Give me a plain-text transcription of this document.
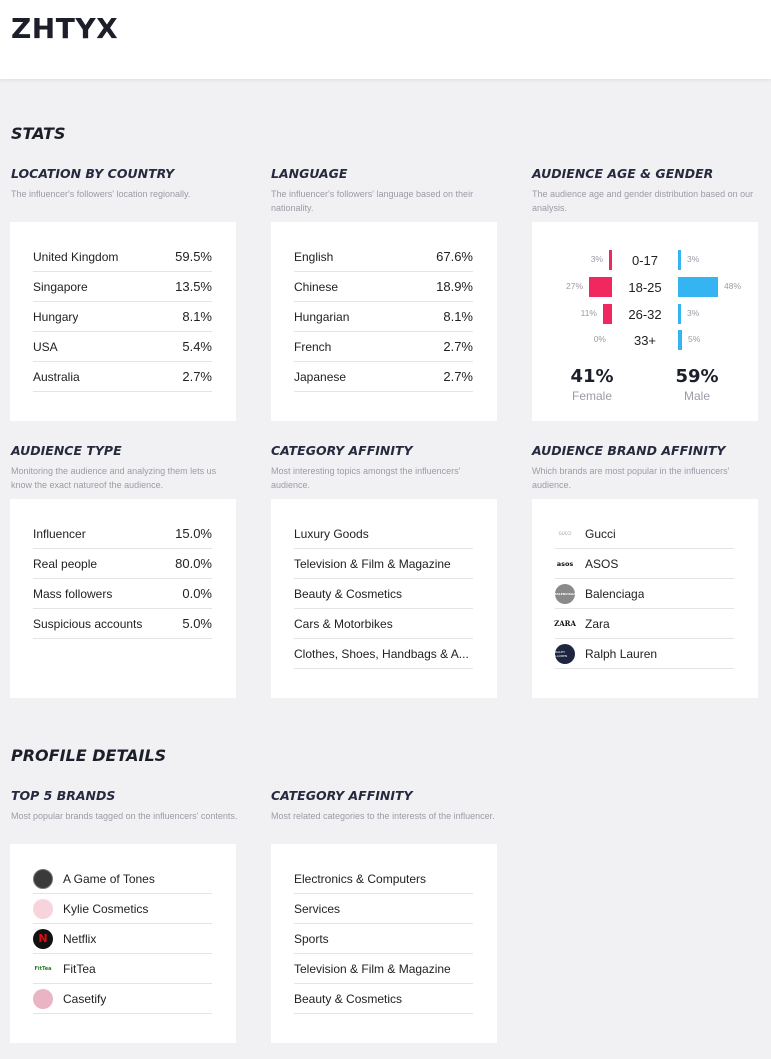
ZHTYX
STATS
LOCATION BY COUNTRY
The influencer's followers' location regionally.
United Kingdom	59.5%
Singapore	13.5%
Hungary	8.1%
USA	5.4%
Australia	2.7%
LANGUAGE
The influencer's followers' language based on their nationality.
English	67.6%
Chinese	18.9%
Hungarian	8.1%
French	2.7%
Japanese	2.7%
AUDIENCE AGE & GENDER
The audience age and gender distribution based on our analysis.
3%	0-17	3%
27%	18-25	48%
11%	26-32	3%
0%	33+	5%
41%
Female
59%
Male
AUDIENCE TYPE
Monitoring the audience and analyzing them lets us know the exact natureof the audience.
Influencer	15.0%
Real people	80.0%
Mass followers	0.0%
Suspicious accounts	5.0%
CATEGORY AFFINITY
Most interesting topics amongst the influencers' audience.
Luxury Goods
Television & Film & Magazine
Beauty & Cosmetics
Cars & Motorbikes
Clothes, Shoes, Handbags & A...
AUDIENCE BRAND AFFINITY
Which brands are most popular in the influencers' audience.
GUCCI Gucci
asos ASOS
BALENCIAGA Balenciaga
ZARA Zara
RALPH LAUREN	Ralph Lauren
PROFILE DETAILS
TOP 5 BRANDS
Most popular brands tagged on the influencers' contents.
A Game of Tones
Kylie Cosmetics
N Netflix
FitTea FitTea
Casetify
CATEGORY AFFINITY
Most related categories to the interests of the influencer.
Electronics & Computers
Services
Sports
Television & Film & Magazine
Beauty & Cosmetics
